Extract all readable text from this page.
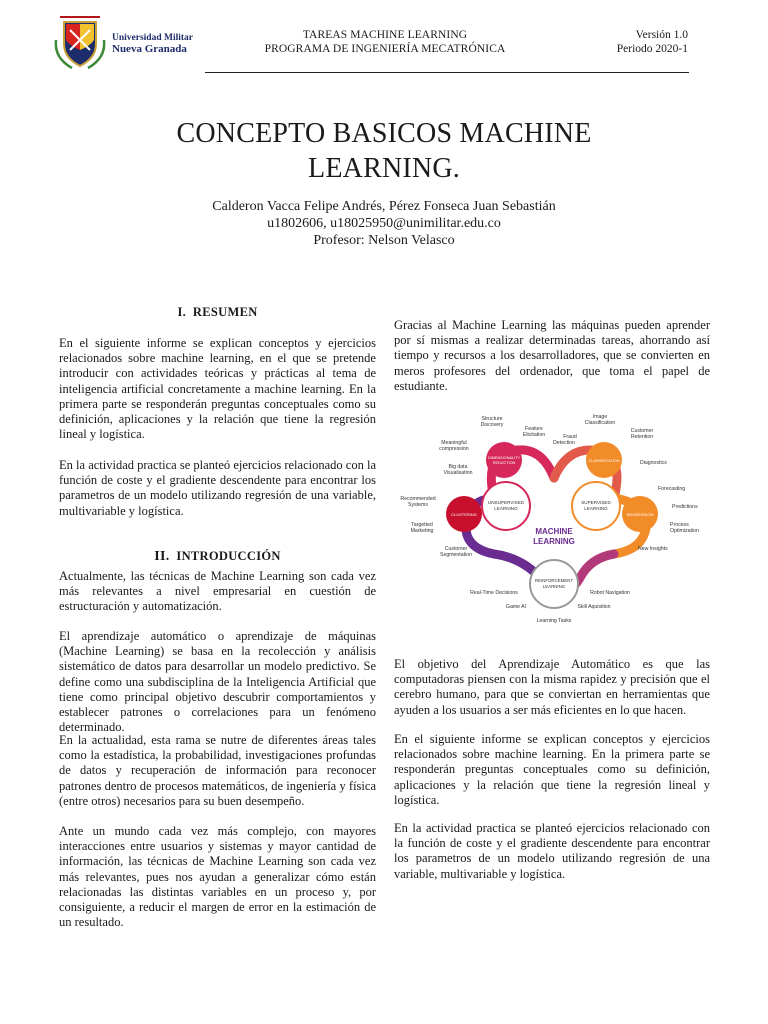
Universidad Militar
Nueva Granada
TAREAS MACHINE LEARNING
PROGRAMA DE INGENIERÍA MECATRÓNICA
Versión 1.0
Periodo 2020-1
CONCEPTO BASICOS MACHINE
LEARNING.
Calderon Vacca Felipe Andrés, Pérez Fonseca Juan Sebastián
u1802606, u18025950@unimilitar.edu.co
Profesor: Nelson Velasco
I. RESUMEN
En el siguiente informe se explican conceptos y ejercicios relacionados sobre machine learning, en el que se pretende introducir con actividades teóricas y prácticas al tema de inteligencia artificial concretamente a machine learning. En la primera parte se responderán preguntas conceptuales como su definición, aplicaciones y la relación que tiene la regresión lineal y logística.
En la actividad practica se planteó ejercicios relacionado con la función de coste y el gradiente descendente para encontrar los parametros de un modelo utilizando regresión de una variable, multivariable y logística.
II. INTRODUCCIÓN
Actualmente, las técnicas de Machine Learning son cada vez más relevantes a nivel empresarial en cuestión de estructuración y automatización.
El aprendizaje automático o aprendizaje de máquinas (Machine Learning) se basa en la recolección y análisis sistemático de datos para desarrollar un modelo predictivo. Se define como una subdisciplina de la Inteligencia Artificial que tiene como principal objetivo descubrir comportamientos y establecer patrones o correlaciones para un fenómeno determinado.
En la actualidad, esta rama se nutre de diferentes áreas tales como la estadística, la probabilidad, investigaciones profundas de datos y recuperación de información para reconocer patrones dentro de procesos matemáticos, de ingeniería y física (entre otros) necesarios para su buen desempeño.
Ante un mundo cada vez más complejo, con mayores interacciones entre usuarios y sistemas y mayor cantidad de información, las técnicas de Machine Learning son cada vez más relevantes, pues nos ayudan a generalizar cómo están relacionadas las distintas variables en un proceso y, por consiguiente, a reducir el margen de error en la estimación de un resultado.
Gracias al Machine Learning las máquinas pueden aprender por sí mismas a realizar determinadas tareas, ahorrando así tiempo y recursos a los desarrolladores, que se convierten en meros profesores del ordenador, que toma el papel de estudiante.
UNSUPERVISED
LEARNING
SUPERVISED
LEARNING
REINFORCEMENT
LEARNING
DIMENSIONALITY
REDUCTION
CLUSTERING
CLASSIFICATION
REGRESSION
MACHINE
LEARNING
Structure
Discovery
Feature
Elicitation
Meaningful
compression
Big data
Visualisation
Image
Classification
Customer
Retention
Fraud
Detection
Diagnostics
Forecasting
Predictions
Process
Optimization
New Insights
Recommended
Systems
Targetted
Marketing
Customer
Segmentation
Real-Time Decisions	Robot Navigation
Game AI	Skill Aquisition
Learning Tasks
El objetivo del Aprendizaje Automático es que las computadoras piensen con la misma rapidez y precisión que el cerebro humano, para que se conviertan en herramientas que ayuden a los usuarios a ser más eficientes en lo que hacen.
En el siguiente informe se explican conceptos y ejercicios relacionados sobre machine learning. En la primera parte se responderán preguntas conceptuales como su definición, aplicaciones y la relación que tiene la regresión lineal y logística.
En la actividad practica se planteó ejercicios relacionado con la función de coste y el gradiente descendente para encontrar los parametros de un modelo utilizando regresión de una variable, multivariable y logística.
